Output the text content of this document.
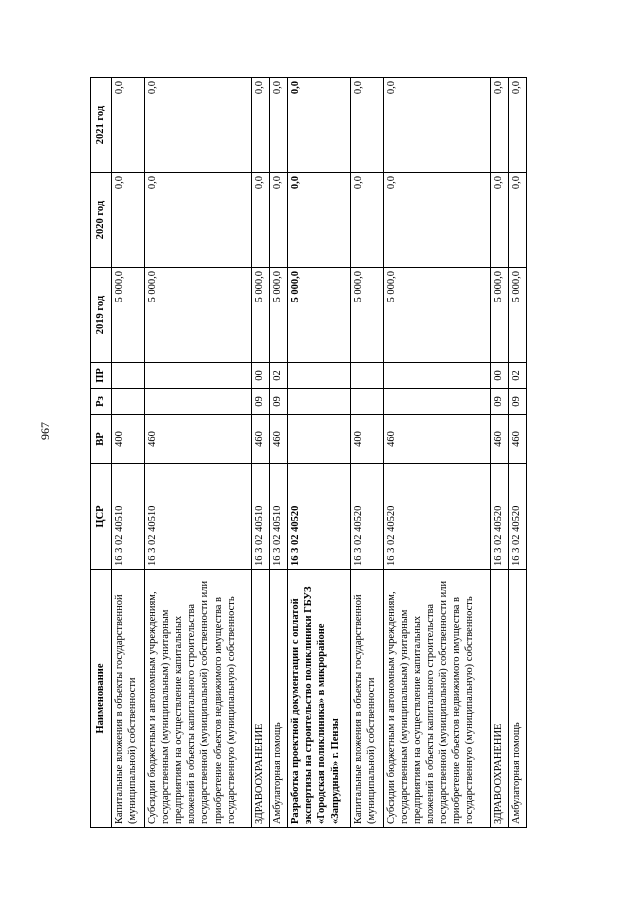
967
Наименование	ЦСР	ВР	Рз	ПР	2019 год	2020 год	2021 год
Капитальные вложения в объекты государственной (муниципальной) собственности	16 3 02 40510	400			5 000,0	0,0	0,0
Субсидии бюджетным и автономным учреждениям, государственным (муниципальным) унитарным предприятиям на осуществление капитальных вложений в объекты капитального строительства государственной (муниципальной) собственности или приобретение объектов недвижимого имущества в государственную (муниципальную) собственность	16 3 02 40510	460			5 000,0	0,0	0,0
ЗДРАВООХРАНЕНИЕ	16 3 02 40510	460	09	00	5 000,0	0,0	0,0
Амбулаторная помощь	16 3 02 40510	460	09	02	5 000,0	0,0	0,0
Разработка проектной документации с оплатой экспертизы на строительство поликлиники ГБУЗ «Городская поликлиника» в микрорайоне «Запрудный» г. Пензы	16 3 02 40520				5 000,0	0,0	0,0
Капитальные вложения в объекты государственной (муниципальной) собственности	16 3 02 40520	400			5 000,0	0,0	0,0
Субсидии бюджетным и автономным учреждениям, государственным (муниципальным) унитарным предприятиям на осуществление капитальных вложений в объекты капитального строительства государственной (муниципальной) собственности или приобретение объектов недвижимого имущества в государственную (муниципальную) собственность	16 3 02 40520	460			5 000,0	0,0	0,0
ЗДРАВООХРАНЕНИЕ	16 3 02 40520	460	09	00	5 000,0	0,0	0,0
Амбулаторная помощь	16 3 02 40520	460	09	02	5 000,0	0,0	0,0
